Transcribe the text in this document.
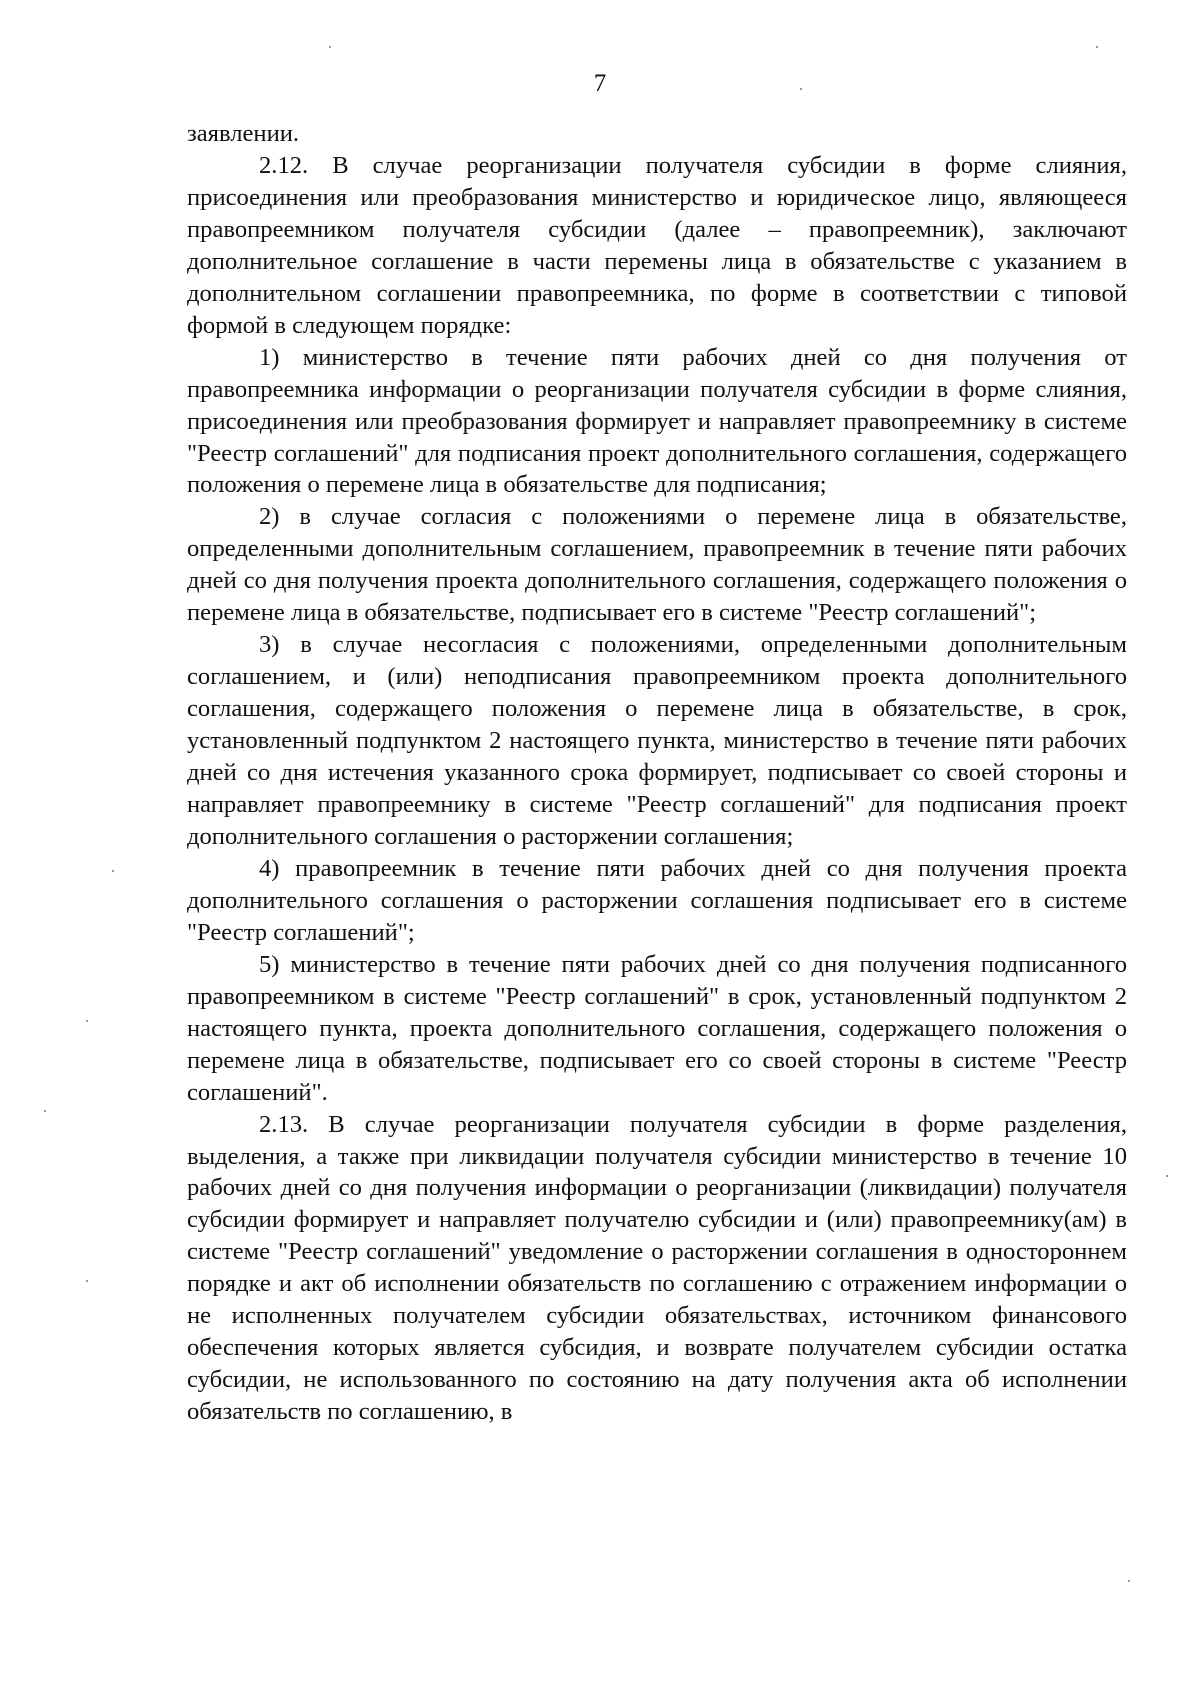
7

заявлении.

2.12. В случае реорганизации получателя субсидии в форме слияния, присоединения или преобразования министерство и юридическое лицо, являющееся правопреемником получателя субсидии (далее – правопреемник), заключают дополнительное соглашение в части перемены лица в обязательстве с указанием в дополнительном соглашении правопреемника, по форме в соответствии с типовой формой в следующем порядке:

1) министерство в течение пяти рабочих дней со дня получения от правопреемника информации о реорганизации получателя субсидии в форме слияния, присоединения или преобразования формирует и направляет правопреемнику в системе "Реестр соглашений" для подписания проект дополнительного соглашения, содержащего положения о перемене лица в обязательстве для подписания;

2) в случае согласия с положениями о перемене лица в обязательстве, определенными дополнительным соглашением, правопреемник в течение пяти рабочих дней со дня получения проекта дополнительного соглашения, содержащего положения о перемене лица в обязательстве, подписывает его в системе "Реестр соглашений";

3) в случае несогласия с положениями, определенными дополнительным соглашением, и (или) неподписания правопреемником проекта дополнительного соглашения, содержащего положения о перемене лица в обязательстве, в срок, установленный подпунктом 2 настоящего пункта, министерство в течение пяти рабочих дней со дня истечения указанного срока формирует, подписывает со своей стороны и направляет правопреемнику в системе "Реестр соглашений" для подписания проект дополнительного соглашения о расторжении соглашения;

4) правопреемник в течение пяти рабочих дней со дня получения проекта дополнительного соглашения о расторжении соглашения подписывает его в системе "Реестр соглашений";

5) министерство в течение пяти рабочих дней со дня получения подписанного правопреемником в системе "Реестр соглашений" в срок, установленный подпунктом 2 настоящего пункта, проекта дополнительного соглашения, содержащего положения о перемене лица в обязательстве, подписывает его со своей стороны в системе "Реестр соглашений".

2.13. В случае реорганизации получателя субсидии в форме разделения, выделения, а также при ликвидации получателя субсидии министерство в течение 10 рабочих дней со дня получения информации о реорганизации (ликвидации) получателя субсидии формирует и направляет получателю субсидии и (или) правопреемнику(ам) в системе "Реестр соглашений" уведомление о расторжении соглашения в одностороннем порядке и акт об исполнении обязательств по соглашению с отражением информации о не исполненных получателем субсидии обязательствах, источником финансового обеспечения которых является субсидия, и возврате получателем субсидии остатка субсидии, не использованного по состоянию на дату получения акта об исполнении обязательств по соглашению, в
